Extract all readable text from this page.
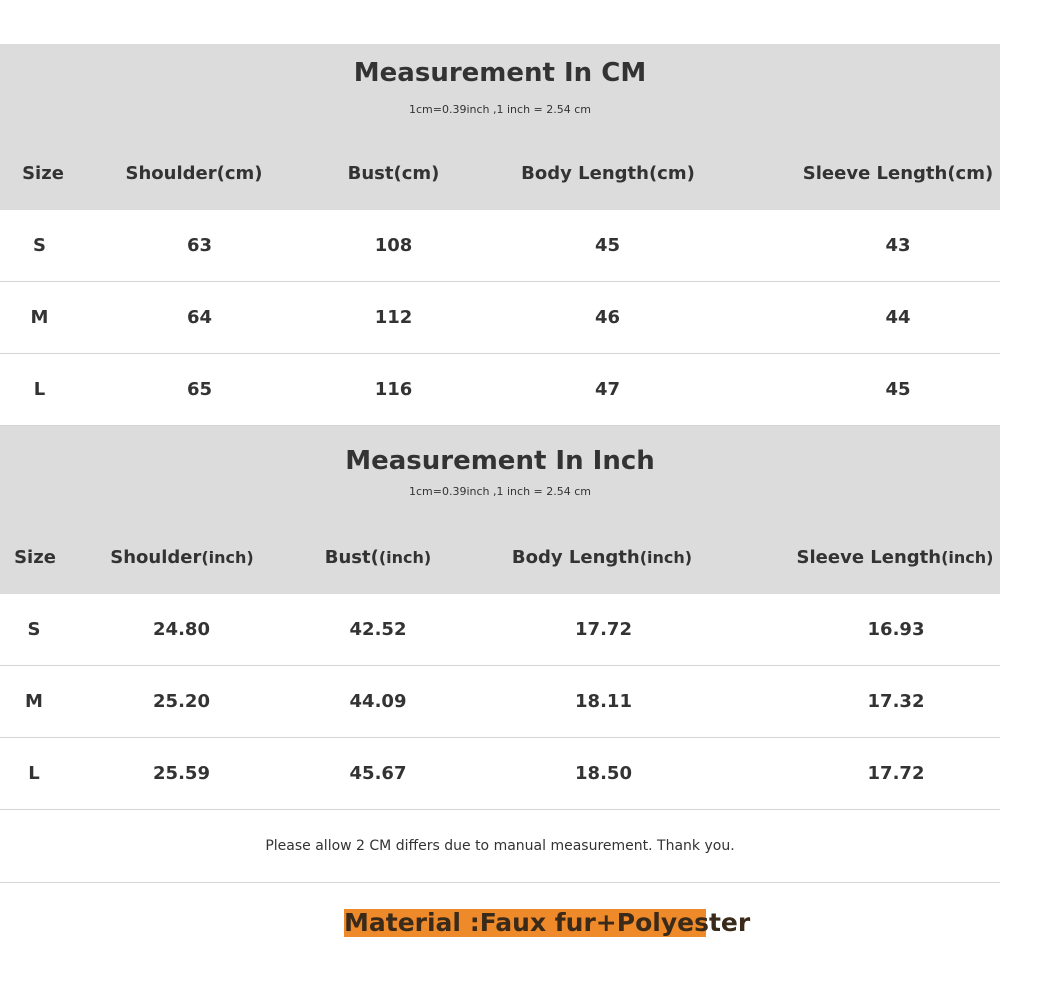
Measurement In CM
1cm=0.39inch ,1 inch = 2.54 cm
Size	Shoulder(cm)	Bust(cm)	Body Length(cm)	Sleeve Length(cm)
S	63	108	45	43
M	64	112	46	44
L	65	116	47	45
Measurement In Inch
1cm=0.39inch ,1 inch = 2.54 cm
Size	Shoulder(inch)	Bust((inch)	Body Length(inch)	Sleeve Length(inch)
S	24.80	42.52	17.72	16.93
M	25.20	44.09	18.11	17.32
L	25.59	45.67	18.50	17.72
Please allow 2 CM differs due to manual measurement. Thank you.
Material :Faux fur+Polyester
